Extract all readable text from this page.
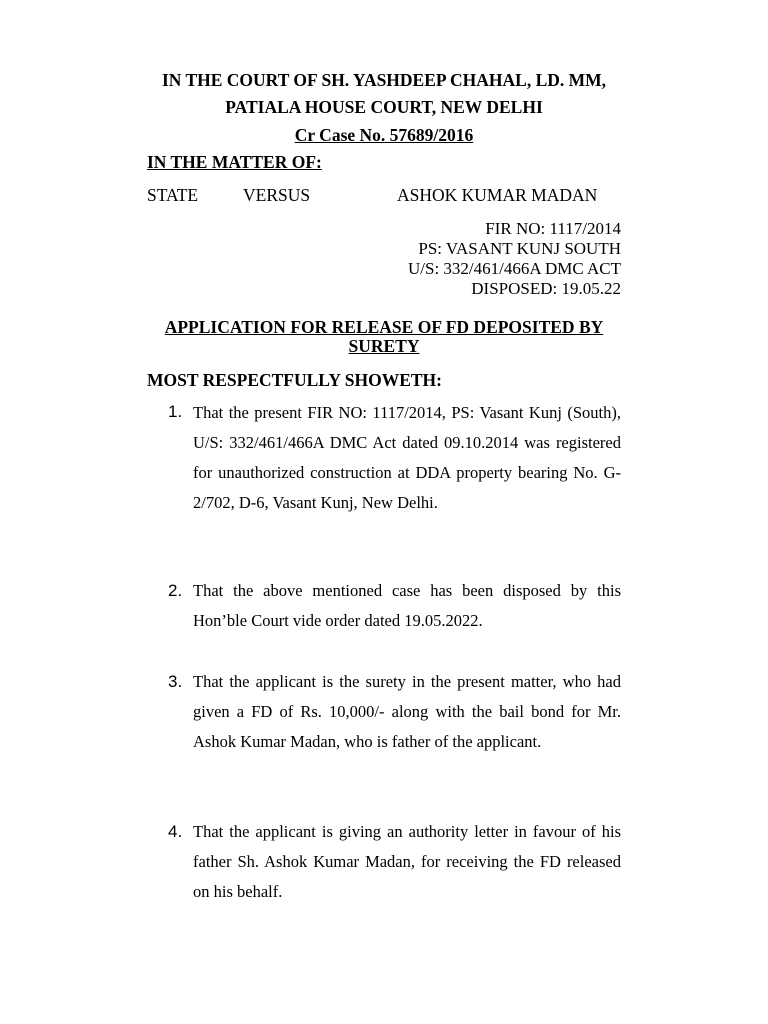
IN THE COURT OF SH. YASHDEEP CHAHAL, LD. MM,
PATIALA HOUSE COURT, NEW DELHI
Cr Case No. 57689/2016
IN THE MATTER OF:
STATE	VERSUS	ASHOK KUMAR MADAN
FIR NO: 1117/2014
PS: VASANT KUNJ SOUTH
U/S: 332/461/466A DMC ACT
DISPOSED: 19.05.22
APPLICATION FOR RELEASE OF FD DEPOSITED BY SURETY
MOST RESPECTFULLY SHOWETH:
1. That the present FIR NO: 1117/2014, PS: Vasant Kunj (South), U/S: 332/461/466A DMC Act dated 09.10.2014 was registered for unauthorized construction at DDA property bearing No. G-2/702, D-6, Vasant Kunj, New Delhi.
2. That the above mentioned case has been disposed by this Hon’ble Court vide order dated 19.05.2022.
3. That the applicant is the surety in the present matter, who had given a FD of Rs. 10,000/- along with the bail bond for Mr. Ashok Kumar Madan, who is father of the applicant.
4. That the applicant is giving an authority letter in favour of his father Sh. Ashok Kumar Madan, for receiving the FD released on his behalf.
